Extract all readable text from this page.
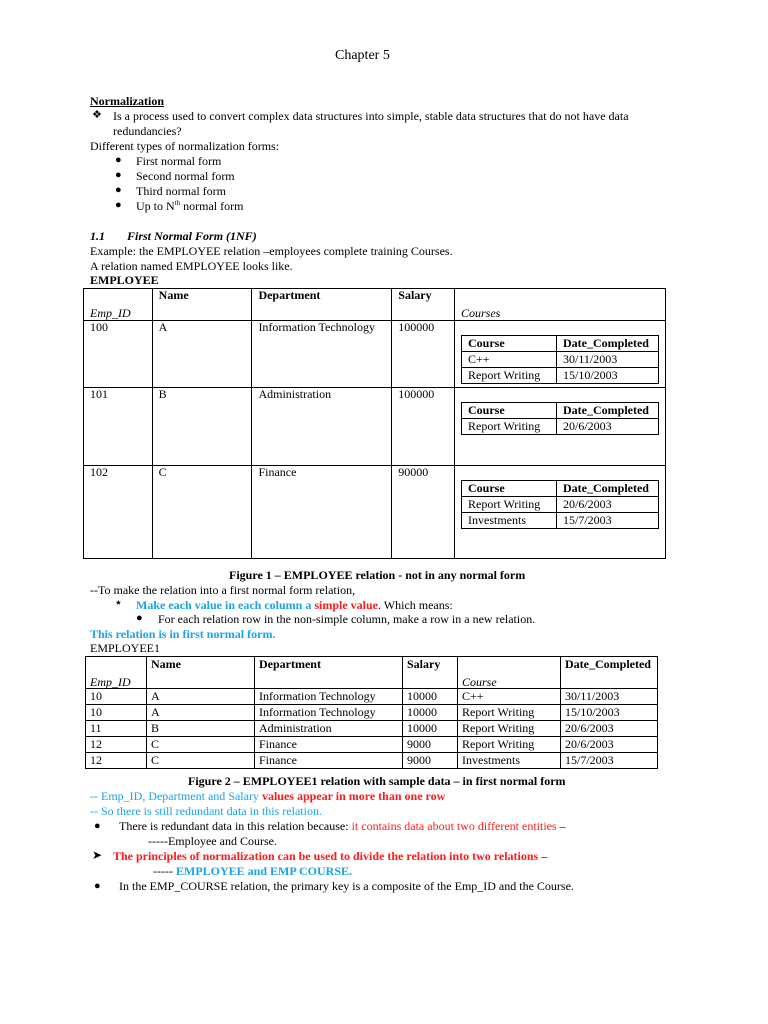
Chapter 5
Normalization
❖ Is a process used to convert complex data structures into simple, stable data structures that do not have data
redundancies?
Different types of normalization forms:
● First normal form
● Second normal form
● Third normal form
● Up to $N^{th}$ normal form
1.1 First Normal Form (1NF)
Example: the EMPLOYEE relation –employees complete training Courses.
A relation named EMPLOYEE looks like.
EMPLOYEE
Emp_ID	Name	Department	Salary	Courses
100	A	Information Technology	100000	
Course	Date_Completed
C++	30/11/2003
Report Writing	15/10/2003

101	B	Administration	100000	
Course	Date_Completed
Report Writing	20/6/2003

102	C	Finance	90000	
Course	Date_Completed
Report Writing	20/6/2003
Investments	15/7/2003
Figure 1 – EMPLOYEE relation - not in any normal form
--To make the relation into a first normal form relation,
⋆ Make each value in each column a simple value. Which means:
● For each relation row in the non-simple column, make a row in a new relation.
This relation is in first normal form.
EMPLOYEE1
Emp_ID	Name	Department	Salary	Course	Date_Completed
10	A	Information Technology	10000	C++	30/11/2003
10	A	Information Technology	10000	Report Writing	15/10/2003
11	B	Administration	10000	Report Writing	20/6/2003
12	C	Finance	9000	Report Writing	20/6/2003
12	C	Finance	9000	Investments	15/7/2003
Figure 2 – EMPLOYEE1 relation with sample data – in first normal form
-- Emp_ID, Department and Salary values appear in more than one row
-- So there is still redundant data in this relation.
● There is redundant data in this relation because: it contains data about two different entities –
-----Employee and Course.
➤ The principles of normalization can be used to divide the relation into two relations –
----- EMPLOYEE and EMP COURSE.
● In the EMP_COURSE relation, the primary key is a composite of the Emp_ID and the Course.
